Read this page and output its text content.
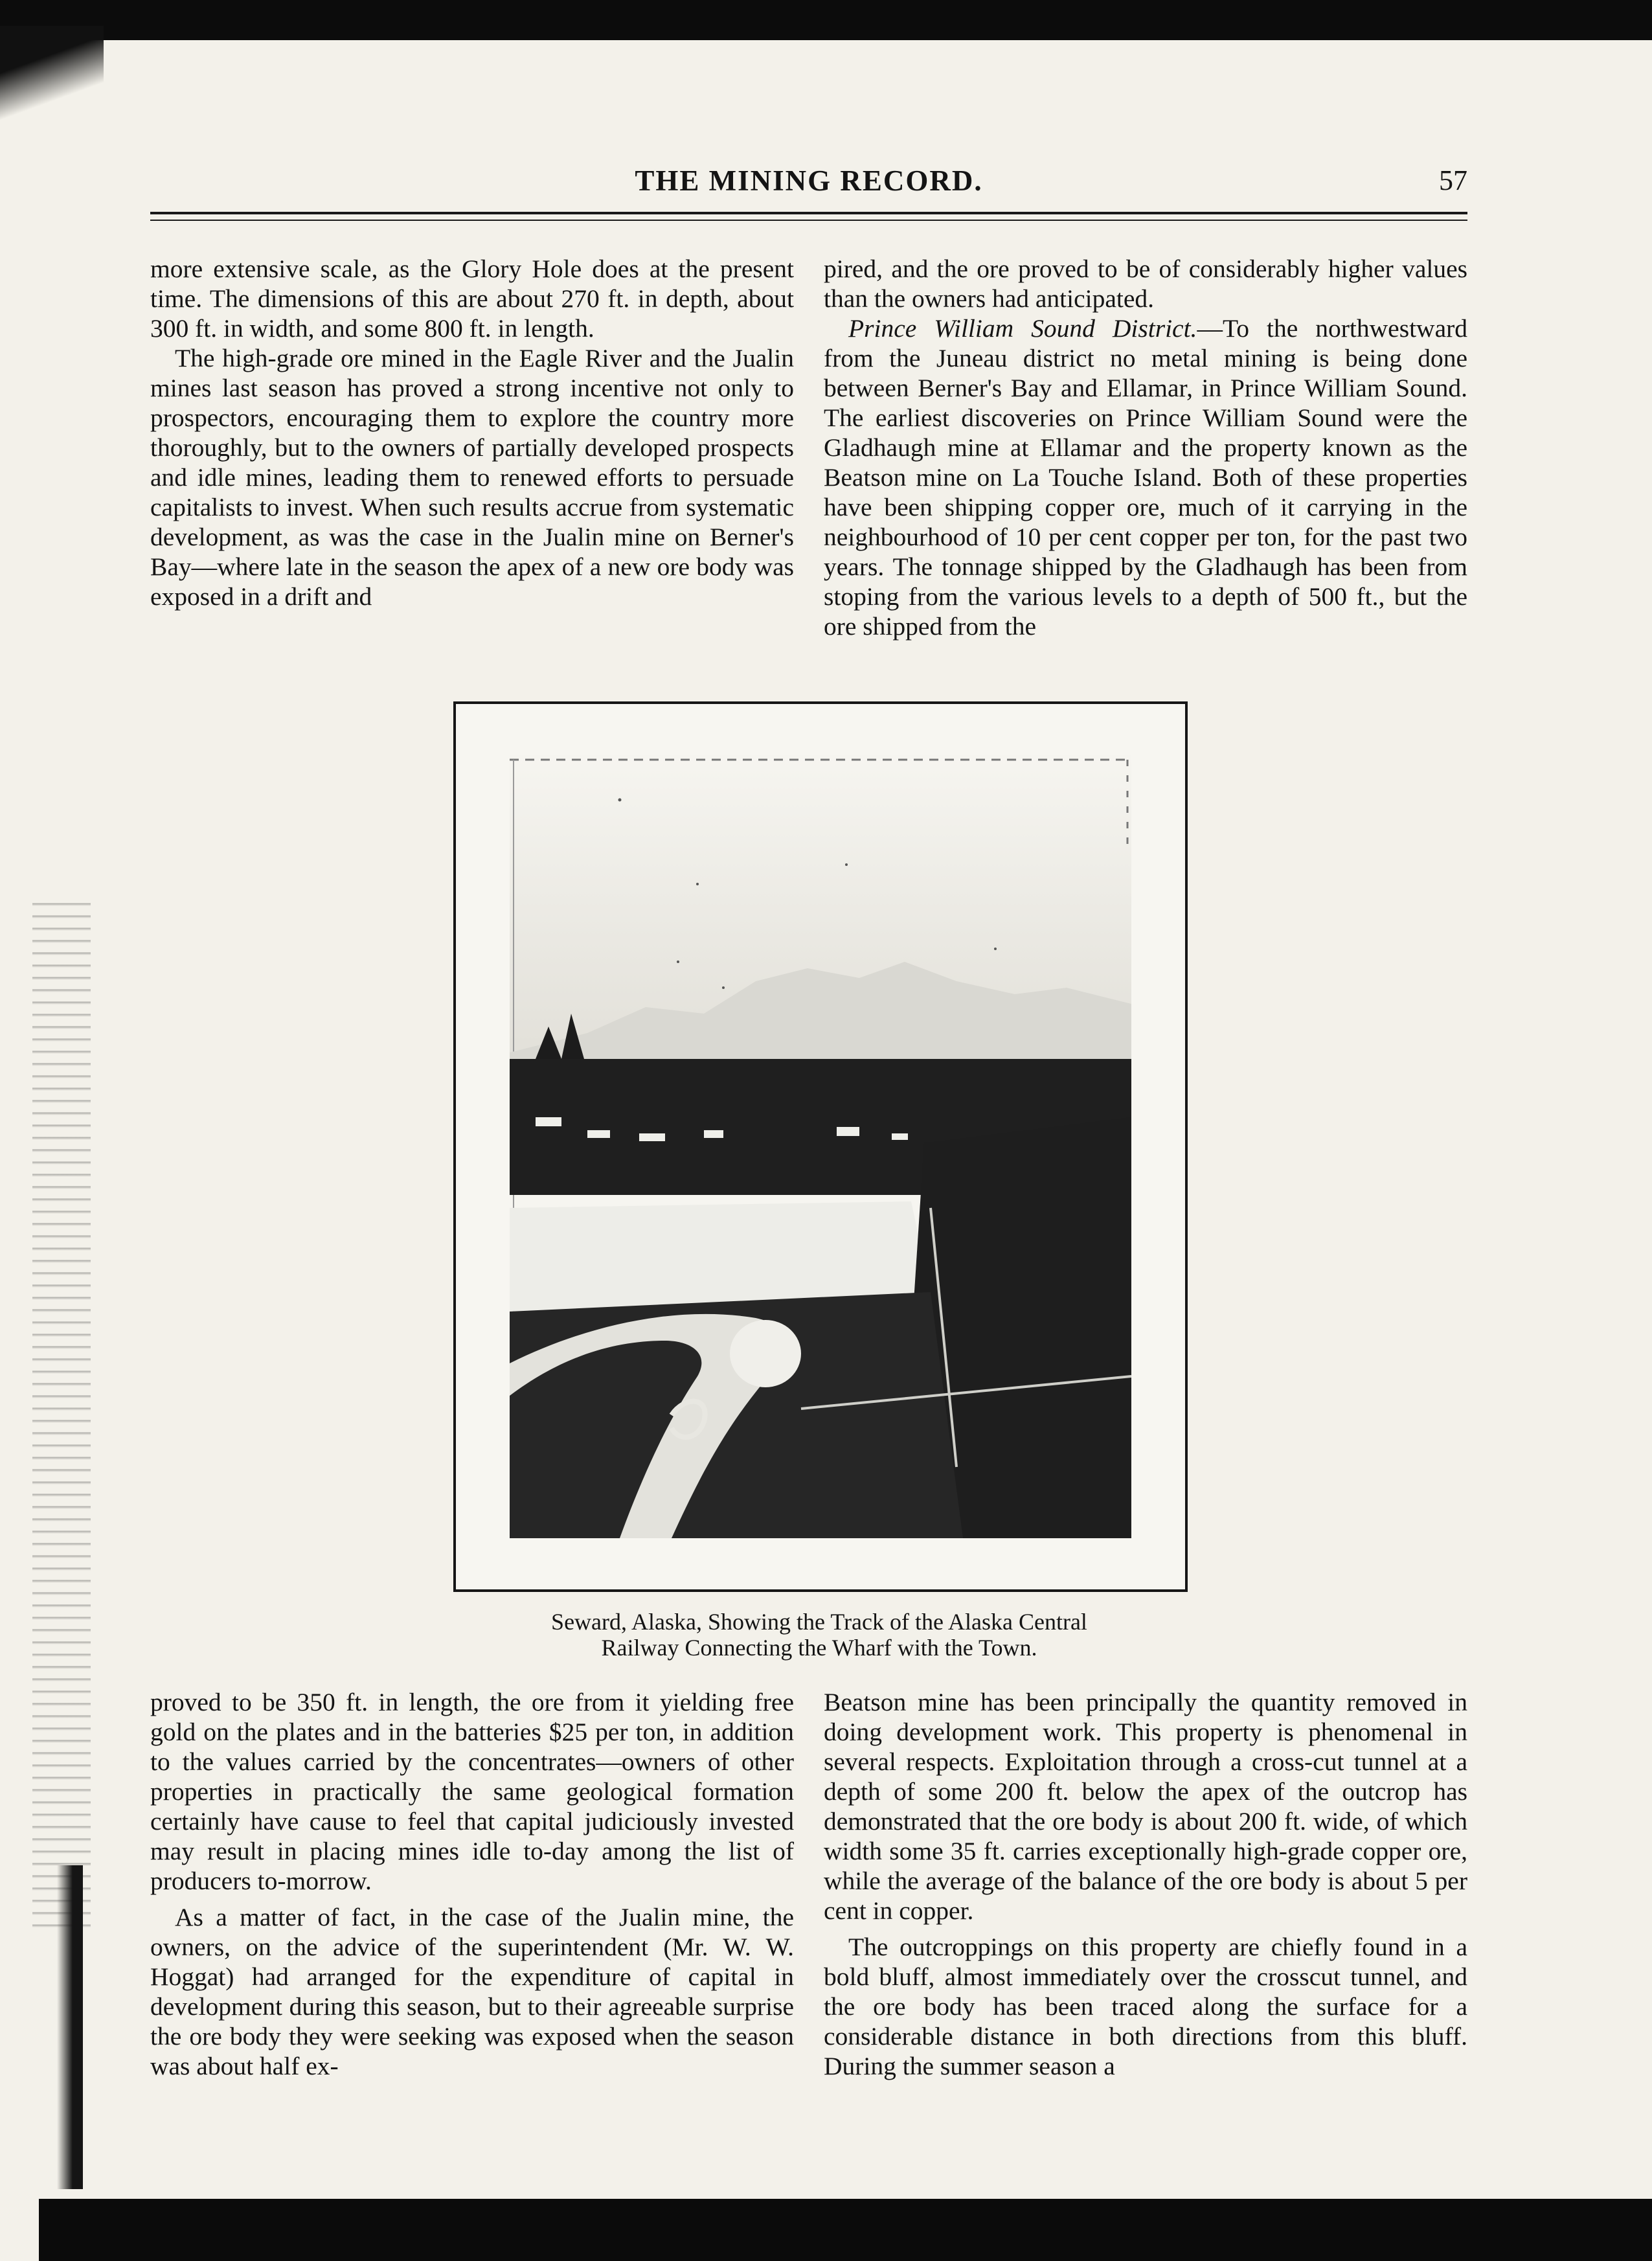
THE MINING RECORD.	57

more extensive scale, as the Glory Hole does at the present time. The dimensions of this are about 270 ft. in depth, about 300 ft. in width, and some 800 ft. in length.

The high-grade ore mined in the Eagle River and the Jualin mines last season has proved a strong incentive not only to prospectors, encouraging them to explore the country more thoroughly, but to the owners of partially developed prospects and idle mines, leading them to renewed efforts to persuade capitalists to invest. When such results accrue from systematic development, as was the case in the Jualin mine on Berner's Bay—where late in the season the apex of a new ore body was exposed in a drift and

pired, and the ore proved to be of considerably higher values than the owners had anticipated.

Prince William Sound District.—To the northwestward from the Juneau district no metal mining is being done between Berner's Bay and Ellamar, in Prince William Sound. The earliest discoveries on Prince William Sound were the Gladhaugh mine at Ellamar and the property known as the Beatson mine on La Touche Island. Both of these properties have been shipping copper ore, much of it carrying in the neighbourhood of 10 per cent copper per ton, for the past two years. The tonnage shipped by the Gladhaugh has been from stoping from the various levels to a depth of 500 ft., but the ore shipped from the

Seward, Alaska, Showing the Track of the Alaska Central
Railway Connecting the Wharf with the Town.

proved to be 350 ft. in length, the ore from it yielding free gold on the plates and in the batteries $25 per ton, in addition to the values carried by the concentrates—owners of other properties in practically the same geological formation certainly have cause to feel that capital judiciously invested may result in placing mines idle to-day among the list of producers to-morrow.

As a matter of fact, in the case of the Jualin mine, the owners, on the advice of the superintendent (Mr. W. W. Hoggat) had arranged for the expenditure of capital in development during this season, but to their agreeable surprise the ore body they were seeking was exposed when the season was about half ex-

Beatson mine has been principally the quantity removed in doing development work. This property is phenomenal in several respects. Exploitation through a cross-cut tunnel at a depth of some 200 ft. below the apex of the outcrop has demonstrated that the ore body is about 200 ft. wide, of which width some 35 ft. carries exceptionally high-grade copper ore, while the average of the balance of the ore body is about 5 per cent in copper.

The outcroppings on this property are chiefly found in a bold bluff, almost immediately over the crosscut tunnel, and the ore body has been traced along the surface for a considerable distance in both directions from this bluff. During the summer season a
